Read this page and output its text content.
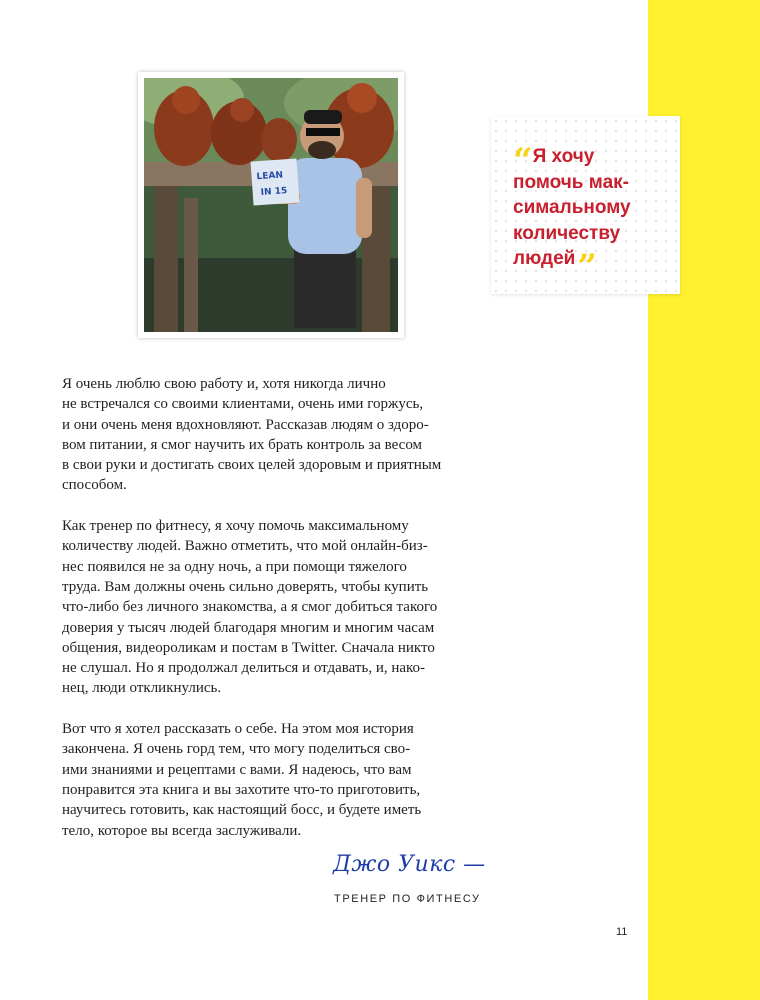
LEAN
IN 15

“Я хочу
помочь мак-
симальному
количеству
людей”

Я очень люблю свою работу и, хотя никогда лично
не встречался со своими клиентами, очень ими горжусь,
и они очень меня вдохновляют. Рассказав людям о здоро-
вом питании, я смог научить их брать контроль за весом
в свои руки и достигать своих целей здоровым и приятным
способом.

Как тренер по фитнесу, я хочу помочь максимальному
количеству людей. Важно отметить, что мой онлайн-биз-
нес появился не за одну ночь, а при помощи тяжелого
труда. Вам должны очень сильно доверять, чтобы купить
что-либо без личного знакомства, а я смог добиться такого
доверия у тысяч людей благодаря многим и многим часам
общения, видеороликам и постам в Twitter. Сначала никто
не слушал. Но я продолжал делиться и отдавать, и, нако-
нец, люди откликнулись.

Вот что я хотел рассказать о себе. На этом моя история
закончена. Я очень горд тем, что могу поделиться сво-
ими знаниями и рецептами с вами. Я надеюсь, что вам
понравится эта книга и вы захотите что-то приготовить,
научитесь готовить, как настоящий босс, и будете иметь
тело, которое вы всегда заслуживали.

Джо Уикс —
ТРЕНЕР ПО ФИТНЕСУ
11
